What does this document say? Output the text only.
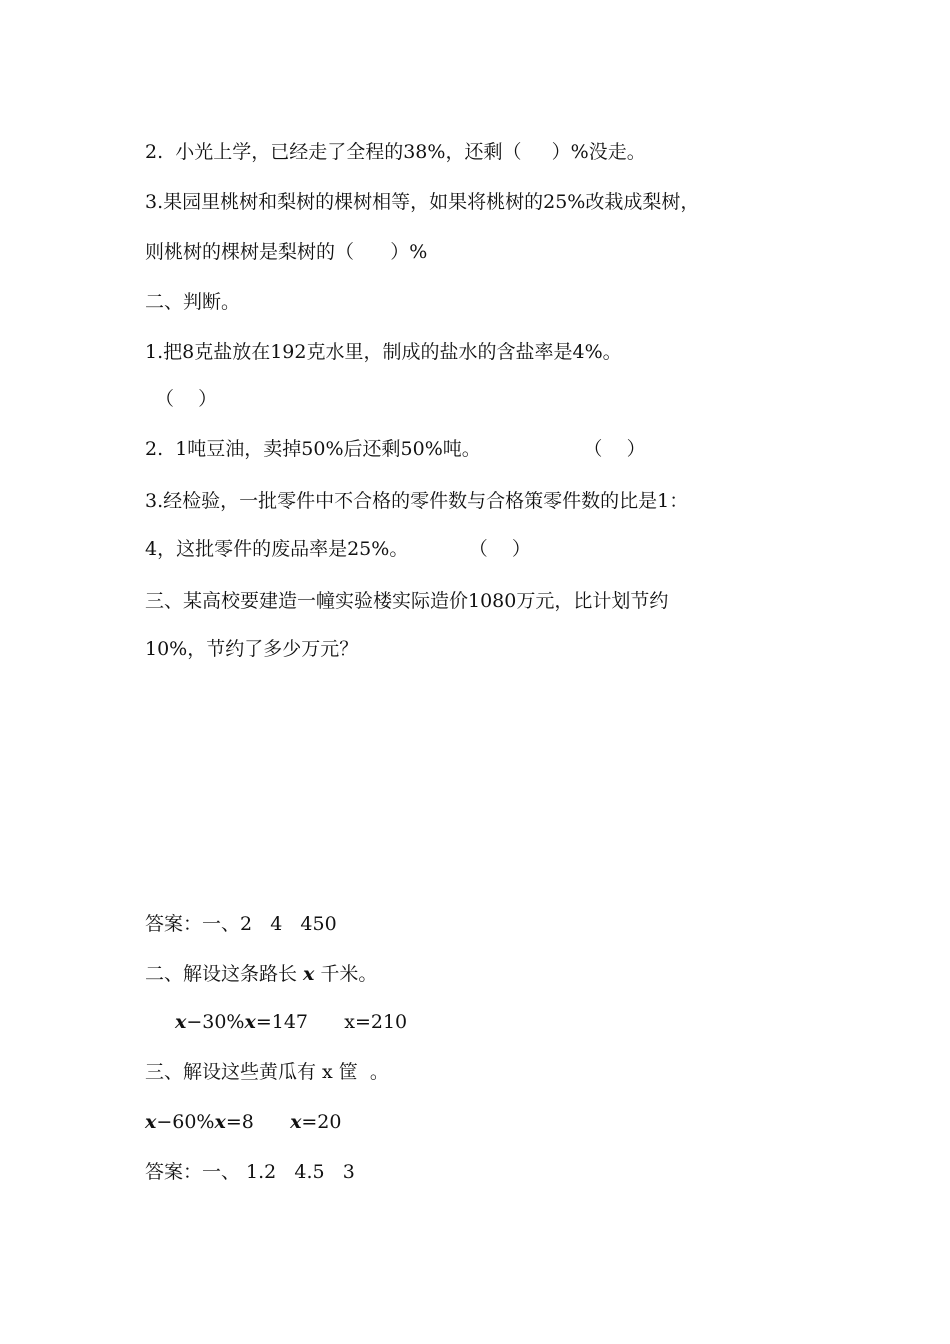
2.  小光上学，已经走了全程的38%，还剩（     ）%没走。
3.果园里桃树和梨树的棵树相等，如果将桃树的25%改栽成梨树，
则桃树的棵树是梨树的（      ）%
二、判断。
1.把8克盐放在192克水里，制成的盐水的含盐率是4%。
（    ）
2.  1吨豆油，卖掉50%后还剩50%吨。                 （    ）
3.经检验，一批零件中不合格的零件数与合格策零件数的比是1：
4，这批零件的废品率是25%。          （    ）
三、某高校要建造一幢实验楼实际造价1080万元，比计划节约
10%，节约了多少万元？
答案：一、2   4   450
二、解设这条路长 x 千米。
x−30%x=147      x=210
三、解设这些黄瓜有 x 筐  。
x−60%x=8      x=20
答案：一、 1.2   4.5   3
